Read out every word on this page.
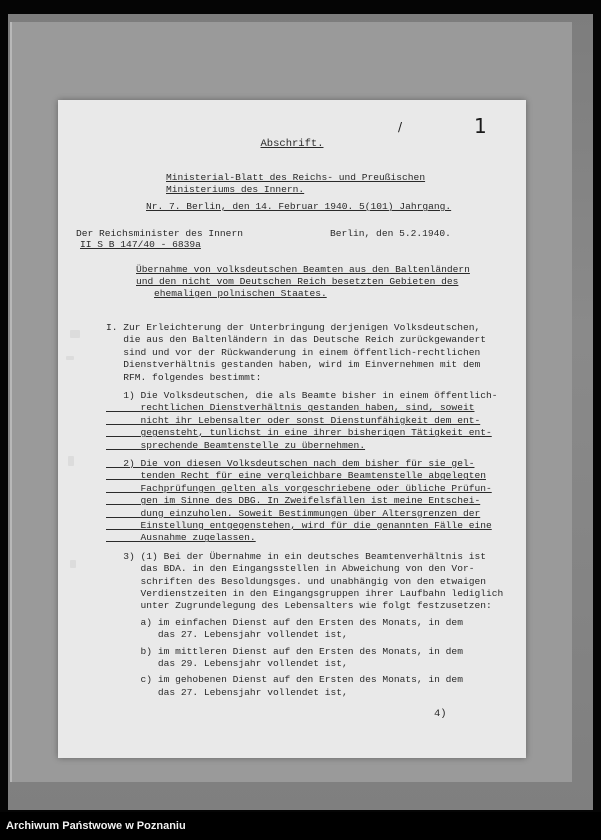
1
/
Abschrift.
Ministerial-Blatt des Reichs- und Preußischen
Ministeriums des Innern.
Nr. 7. Berlin, den 14. Februar 1940. 5(101) Jahrgang.
Der Reichsminister des Innern	Berlin, den 5.2.1940.
II S B 147/40 - 6839a
Übernahme von volksdeutschen Beamten aus den Baltenländern
und den nicht vom Deutschen Reich besetzten Gebieten des
ehemaligen polnischen Staates.
4)
I. Zur Erleichterung der Unterbringung derjenigen Volksdeutschen,
die aus den Baltenländern in das Deutsche Reich zurückgewandert
sind und vor der Rückwanderung in einem öffentlich-rechtlichen
Dienstverhältnis gestanden haben, wird im Einvernehmen mit dem
RFM. folgendes bestimmt:
1) Die Volksdeutschen, die als Beamte bisher in einem öffentlich-
rechtlichen Dienstverhältnis gestanden haben, sind, soweit
nicht ihr Lebensalter oder sonst Dienstunfähigkeit dem ent-
gegensteht, tunlichst in eine ihrer bisherigen Tätigkeit ent-
sprechende Beamtenstelle zu übernehmen.
2) Die von diesen Volksdeutschen nach dem bisher für sie gel-
tenden Recht für eine vergleichbare Beamtenstelle abgelegten
Fachprüfungen gelten als vorgeschriebene oder übliche Prüfun-
gen im Sinne des DBG. In Zweifelsfällen ist meine Entschei-
dung einzuholen. Soweit Bestimmungen über Altersgrenzen der
Einstellung entgegenstehen, wird für die genannten Fälle eine
Ausnahme zugelassen.
3) (1) Bei der Übernahme in ein deutsches Beamtenverhältnis ist
das BDA. in den Eingangsstellen in Abweichung von den Vor-
schriften des Besoldungsges. und unabhängig von den etwaigen
Verdienstzeiten in den Eingangsgruppen ihrer Laufbahn lediglich
unter Zugrundelegung des Lebensalters wie folgt festzusetzen:
a) im einfachen Dienst auf den Ersten des Monats, in dem
das 27. Lebensjahr vollendet ist,
b) im mittleren Dienst auf den Ersten des Monats, in dem
das 29. Lebensjahr vollendet ist,
c) im gehobenen Dienst auf den Ersten des Monats, in dem
das 27. Lebensjahr vollendet ist,
Archiwum Państwowe w Poznaniu
